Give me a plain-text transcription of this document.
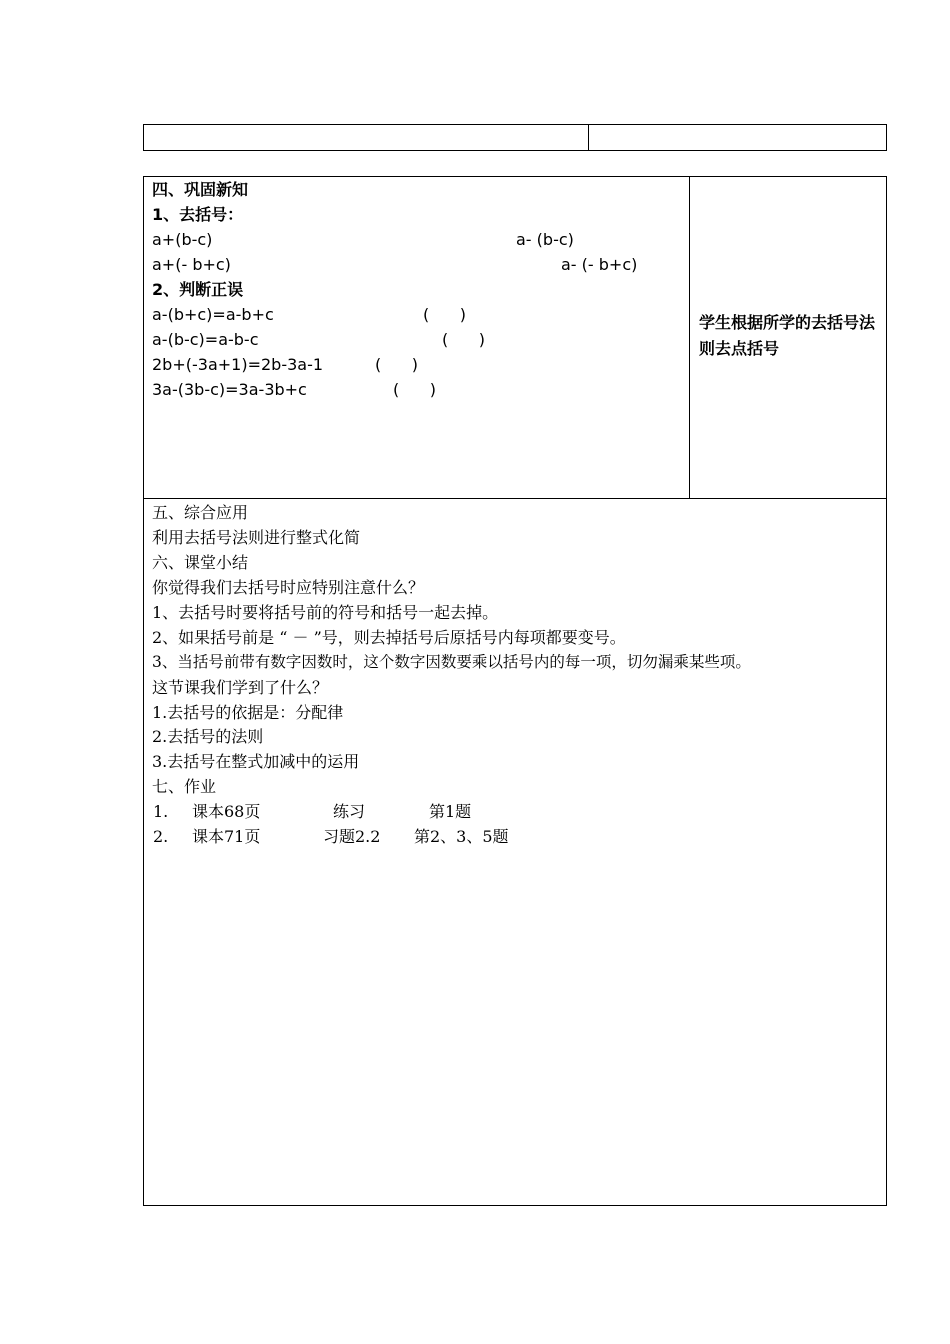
四、巩固新知
1、去括号：
a+(b-c)	a- (b-c)
a+(- b+c)	a- (- b+c)
2、判断正误
a-(b+c)=a-b+c	(      )
a-(b-c)=a-b-c	(      )
2b+(-3a+1)=2b-3a-1	(      )
3a-(3b-c)=3a-3b+c	(      )
学生根据所学的去括号法则去点括号
五、综合应用
利用去括号法则进行整式化简
六、课堂小结
你觉得我们去括号时应特别注意什么？
1、去括号时要将括号前的符号和括号一起去掉。
2、如果括号前是 “ － ”号，则去掉括号后原括号内每项都要变号。
3、当括号前带有数字因数时，这个数字因数要乘以括号内的每一项，切勿漏乘某些项。
这节课我们学到了什么？
1.去括号的依据是：分配律
2.去括号的法则
3.去括号在整式加减中的运用
七、作业
1. 课本68页	练习	第1题
2. 课本71页	习题2.2 第2、3、5题
